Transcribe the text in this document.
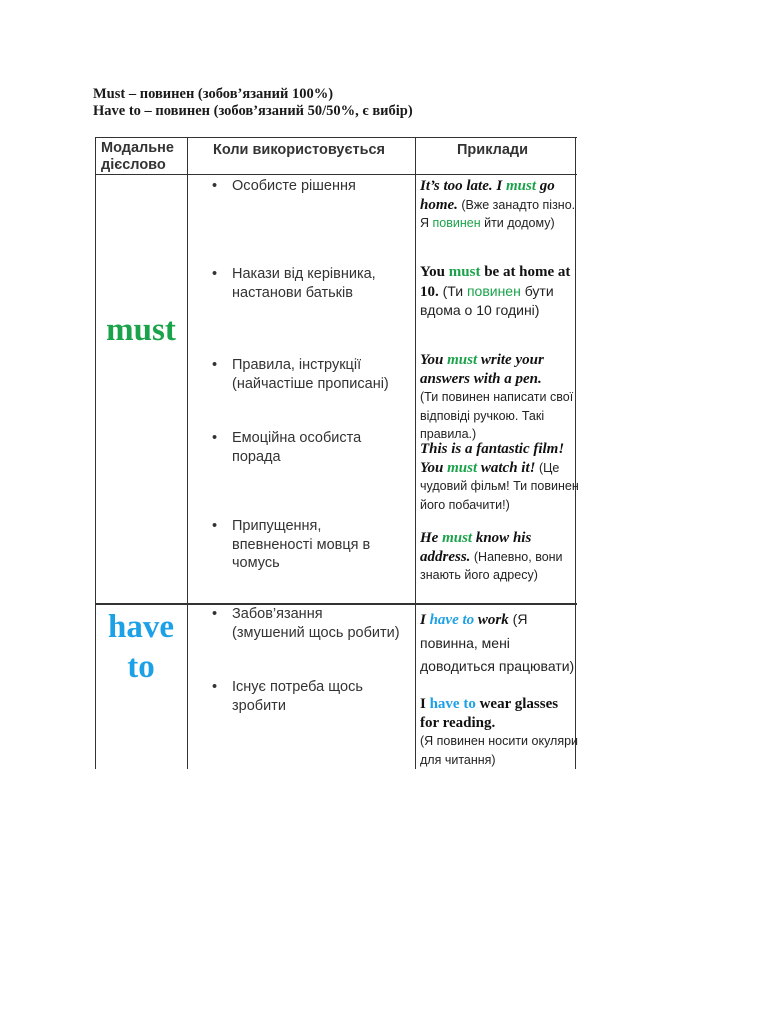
Must – повинен (зобов’язаний 100%)
Have to – повинен (зобов’язаний 50/50%, є вибір)
Модальне
дієслово
Коли використовується	Приклади
must
• Особисте рішення
• Накази від керівника,
настанови батьків
• Правила, інструкції
(найчастіше прописані)
• Емоційна особиста
порада
• Припущення,
впевненості мовця в
чомусь
It’s too late. I must go home. (Вже занадто пізно. Я повинен йти додому)
You must be at home at 10. (Ти повинен бути вдома о 10 годині)
You must write your answers with a pen.
(Ти повинен написати свої відповіді ручкою. Такі правила.)
This is a fantastic film! You must watch it! (Це чудовий фільм! Ти повинен його побачити!)
He must know his address. (Напевно, вони знають його адресу)
have
to
• Забов’язання
(змушений щось робити)
• Існує потреба щось
зробити
I have to work (Я повинна, мені доводиться працювати)
I have to wear glasses for reading.
(Я повинен носити окуляри для читання)
